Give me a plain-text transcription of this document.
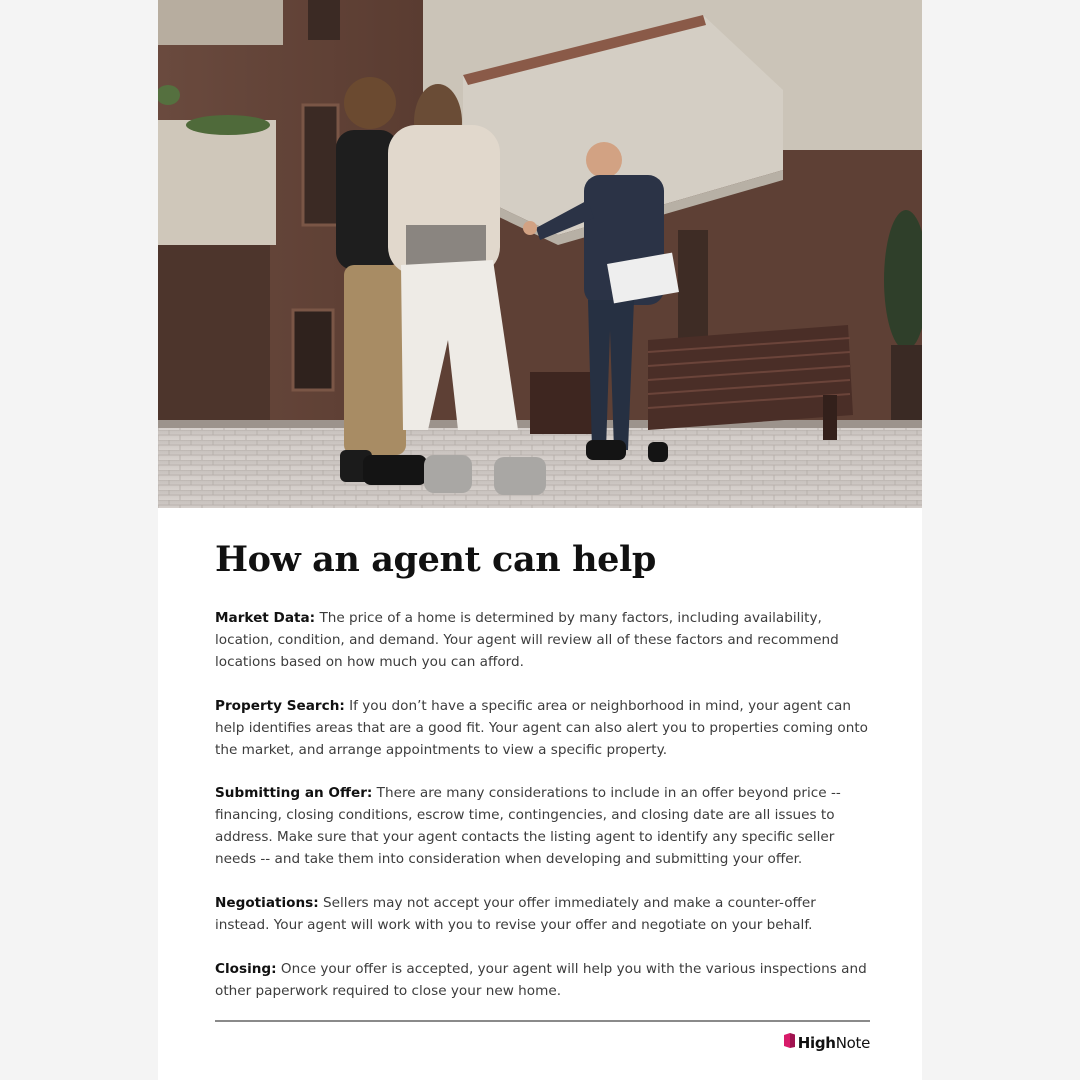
How an agent can help

Market Data: The price of a home is determined by many factors, including availability, location, condition, and demand. Your agent will review all of these factors and recommend locations based on how much you can afford.

Property Search: If you don’t have a specific area or neighborhood in mind, your agent can help identifies areas that are a good fit. Your agent can also alert you to properties coming onto the market, and arrange appointments to view a specific property.

Submitting an Offer: There are many considerations to include in an offer beyond price -- financing, closing conditions, escrow time, contingencies, and closing date are all issues to address. Make sure that your agent contacts the listing agent to identify any specific seller needs -- and take them into consideration when developing and submitting your offer.

Negotiations: Sellers may not accept your offer immediately and make a counter-offer instead. Your agent will work with you to revise your offer and negotiate on your behalf.

Closing: Once your offer is accepted, your agent will help you with the various inspections and other paperwork required to close your new home.

HighNote
